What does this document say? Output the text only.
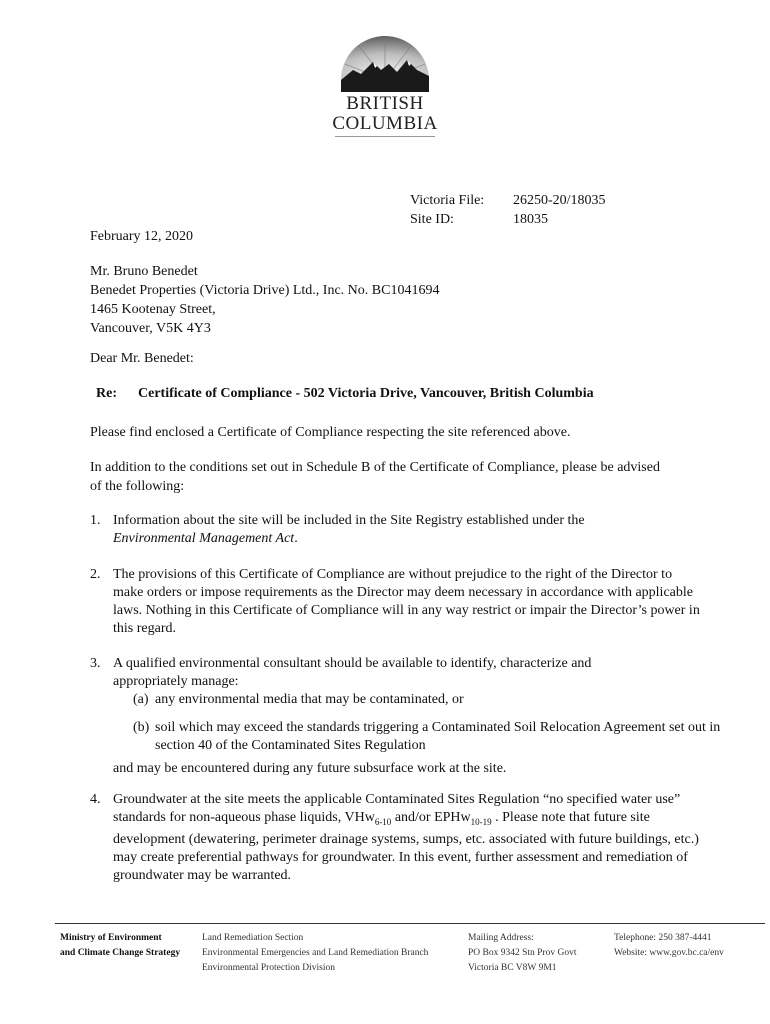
BRITISH
COLUMBIA
Victoria File:	26250-20/18035
Site ID:	18035
February 12, 2020
Mr. Bruno Benedet
Benedet Properties (Victoria Drive) Ltd., Inc. No. BC1041694
1465 Kootenay Street,
Vancouver, V5K 4Y3
Dear Mr. Benedet:
Re: Certificate of Compliance - 502 Victoria Drive, Vancouver, British Columbia
Please find enclosed a Certificate of Compliance respecting the site referenced above.
In addition to the conditions set out in Schedule B of the Certificate of Compliance, please be advised of the following:
1. Information about the site will be included in the Site Registry established under the
Environmental Management Act.
2. The provisions of this Certificate of Compliance are without prejudice to the right of the Director to make orders or impose requirements as the Director may deem necessary in accordance with applicable laws. Nothing in this Certificate of Compliance will in any way restrict or impair the Director’s power in this regard.
3. A qualified environmental consultant should be available to identify, characterize and appropriately manage:
(a) any environmental media that may be contaminated, or
(b) soil which may exceed the standards triggering a Contaminated Soil Relocation Agreement set out in section 40 of the Contaminated Sites Regulation
and may be encountered during any future subsurface work at the site.
4. Groundwater at the site meets the applicable Contaminated Sites Regulation “no specified water use” standards for non-aqueous phase liquids, VHw$_{6-10}$ and/or EPHw$_{10-19}$ . Please note that future site development (dewatering, perimeter drainage systems, sumps, etc. associated with future buildings, etc.) may create preferential pathways for groundwater. In this event, further assessment and remediation of groundwater may be warranted.
Ministry of Environment
and Climate Change Strategy
Land Remediation Section
Environmental Emergencies and Land Remediation Branch
Environmental Protection Division
Mailing Address:
PO Box 9342 Stn Prov Govt
Victoria BC V8W 9M1
Telephone: 250 387-4441
Website: www.gov.bc.ca/env
